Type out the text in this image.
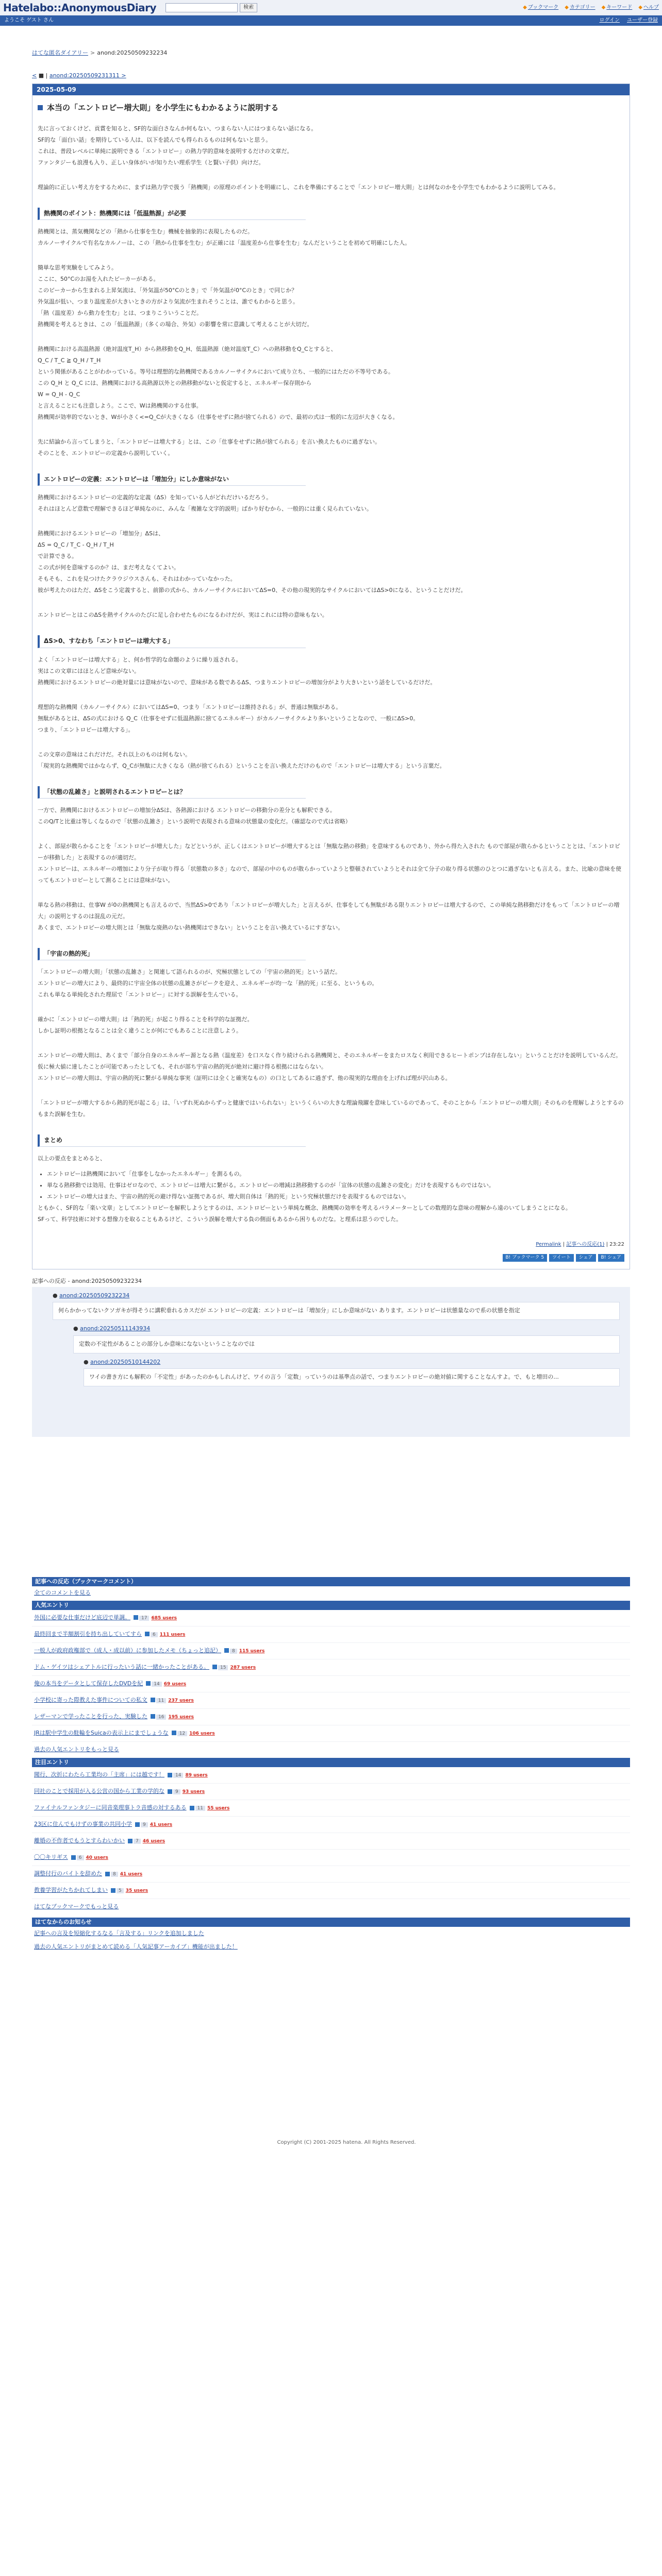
Hatelabo::AnonymousDiary	検索	◆ ブックマーク ◆ カテゴリー ◆ キーワード ◆ ヘルプ
ようこそ ゲスト さん	ログイン ユーザー登録
はてな匿名ダイアリー > anond:20250509232234
< ■ | anond:20250509231311 >
2025-05-09
本当の「エントロピー増大則」を小学生にもわかるように説明する

先に言っておくけど、貢賞を知ると、SF的な面白さなんか何もない、つまらない人にはつまらない話になる。

SF的な「面白い話」を期待している人は、以下を読んでも得られるものは何もないと思う。

これは、普段レベルに単純に説明できる「エントロピー」の熱力学的意味を説明するだけの文章だ。

ファンタジーも浪漫も入り、正しい身体がいが知りたい理系学生（と賢い子供）向けだ。

理論的に正しい考え方をするために、まずは熱力学で扱う「熱機関」の原理のポイントを明確にし、これを準備にすることで「エントロピー増大則」とは何なのかを小学生でもわかるように説明してみる。

熱機関のポイント：熱機関には「低温熱源」が必要

熱機関とは、蒸気機関などの「熱から仕事を生む」機械を抽象的に表現したものだ。

カルノーサイクルで有名なカルノーは、この「熱から仕事を生む」が正確には「温度差から仕事を生む」なんだということを初めて明確にした人。

簡単な思考実験をしてみよう。

ここに、50°Cのお湯を入れたビーカーがある。

このビーカーから生まれる上昇気流は、「外気温が50°Cのとき」で「外気温が0°Cのとき」で同じか？

外気温が低い、つまり温度差が大きいときの方がより気流が生まれそうことは、誰でもわかると思う。

「熱（温度差）から動力を生む」とは、つまりこういうことだ。

熱機関を考えるときは、この「低温熱源」（多くの場合、外気）の影響を常に意識して考えることが大切だ。

熱機関における高温熱源（絶対温度T_H）から熱移動をQ_H、低温熱源（絶対温度T_C）への熱移動をQ_Cとすると、

Q_C / T_C ≧ Q_H / T_H

という関係があることがわかっている。等号は理想的な熱機関であるカルノーサイクルにおいて成り立ち、一般的にはただの不等号である。

この Q_H と Q_C には、熱機関における高熱源以外との熱移動がないと仮定すると、エネルギー保存則から

W = Q_H - Q_C

と言えることにも注意しよう。ここで、Wは熱機関のする仕事。

熱機関が効率的でないとき、Wが小さく<=Q_Cが大きくなる（仕事をせずに熱が捨てられる）ので、最初の式は一般的に左辺が大きくなる。

先に結論から言ってしまうと、「エントロピーは増大する」とは、この「仕事をせずに熱が捨てられる」を言い換えたものに過ぎない。

そのことを、エントロピーの定義から説明していく。

エントロピーの定義：エントロピーは「増加分」にしか意味がない

熱機関におけるエントロピーの定義的な定義（ΔS）を知っている人がどれだけいるだろう。

それはほとんど意数で理解できるほど単純なのに、みんな「複雑な文字的説明」ばかり好むから、一般的には重く見られていない。

熱機関におけるエントロピーの「増加分」ΔSは、

ΔS = Q_C / T_C - Q_H / T_H

で計算できる。

この式が何を意味するのか？は、まだ考えなくてよい。

そもそも、これを見つけたクラウジウスさんも、それはわかっていなかった。

彼が考えたのはただ、ΔSをこう定義すると、前節の式から、カルノーサイクルにおいてΔS=0、その他の現実的なサイクルにおいてはΔS>0になる、ということだけだ。

エントロピーとはこのΔSを熱サイクルのたびに足し合わせたものになるわけだが、実はこれには特の意味もない。

ΔS>0、すなわち「エントロピーは増大する」

よく「エントロピーは増大する」と、何か哲学的な命題のように繰り返される。

実はこの文章にはほとんど意味がない。

熱機関におけるエントロピーの絶対量には意味がないので、意味がある数であるΔS、つまりエントロピーの増加分がより大きいという話をしているだけだ。

理想的な熱機関（カルノーサイクル）においてはΔS=0、つまり「エントロピーは維持される」が、普通は無駄がある。

無駄があるとは、ΔSの式における Q_C（仕事をせずに低温熱源に捨てるエネルギー）がカルノーサイクルより多いということなので、一般にΔS>0。

つまり、「エントロピーは増大する」。

この文章の意味はこれだけだ。それ以上のものは何もない。

「現実的な熱機関ではかならず、Q_Cが無駄に大きくなる（熱が捨てられる）ということを言い換えただけのもので「エントロピーは増大する」という言葉だ。

「状態の乱雑さ」と説明されるエントロピーとは？

一方で、熱機関におけるエントロピーの増加分ΔSは、各熱源における エントロピーの移動分の差分とも解釈できる。

このQ/Tと比重は等しくなるので「状態の乱雑さ」という説明で表現される意味の状態量の変化だ。（確認なので式は省略）

よく、部屋が散らかることを「エントロピーが増大した」などというが、正しくはエントロピーが増大するとは「無駄な熱の移動」を意味するものであり、外から得た入された もので部屋が散らかるということとは、「エントロピーが移動した」と表現するのが適切だ。

エントロピーは、エネルギーの増加により分子が取り得る「状態数の多さ」なので、部屋の中のものが散らかっていようと整頓されていようとそれは全て分子の取り得る状態のひとつに過ぎないとも言える。また、比喩の意味を使ってもエントロピーとして測ることには意味がない。

単なる熱の移動は、仕事W が0の熱機関とも言えるので、当然ΔS>0であり「エントロピーが増大した」と言えるが、仕事をしても無駄がある限りエントロピーは増大するので、この単純な熱移動だけをもって「エントロピーの増大」の説明とするのは混乱の元だ。

あくまで、エントロピーの増大則とは「無駄な廃熱のない熱機関はできない」ということを言い換えているにすぎない。

「宇宙の熱的死」

「エントロピーの増大則」「状態の乱雑さ」と関連して語られるのが、究極状態としての「宇宙の熱的死」という話だ。

エントロピーの増大により、最終的に宇宙全体の状態の乱雑さがピークを迎え、エネルギーが均一な「熱的死」に至る、というもの。

これも単なる単純化された理屈で「エントロピー」に対する誤解を生んでいる。

確かに「エントロピーの増大則」は「熱的死」が起こり得ることを科学的な証拠だ。

しかし証明の根拠となることは全く違うことが何にでもあることに注意しよう。

エントロピーの増大則は、あくまで「部分自身のエネルギー源となる熱（温度差）を口スなく作り続けられる熱機関と、そのエネルギーをまたロスなく利用できるヒートポンプは存在しない」ということだけを説明しているんだ。

仮に極大値に達したことが可能であったとしても、それが部ち宇宙の熱的死が絶対に避け得る根拠にはならない。

エントロピーの増大則は、宇宙の熱的死に繋がる単純な事実（証明には全くと確実なもの）の口としてあるに過ぎず、他の現実的な理由を上げれば理が沢山ある。

「エントロピーが増大するから熱的死が起こる」は、「いずれ死ぬからずっと健康ではいられない」というくらいの大きな理論飛躍を意味しているのであって、そのことから「エントロピーの増大則」そのものを理解しようとするのもまた誤解を生む。

まとめ

以上の要点をまとめると、

• エントロピーは熱機関において「仕事をしなかったエネルギー」を測るもの。
• 単なる熱移動では効用、仕事はゼロなので、エントロピーは増大に繋がる。エントロピーの増減は熱移動するのが「宣体の状態の乱雑さの変化」だけを表現するものではない。
• エントロピーの増大はまた、宇宙の熱的死の避け得ない証拠であるが、増大則自体は「熱的死」という究極状態だけを表現するものではない。

ともかく、SF的な「楽い文章」としてエントロピーを解釈しようとするのは、エントロピーという単純な概念、熱機関の効率を考えるパラメーターとしての数理的な意味の理解から遠のいてしまうことになる。

SFって、科学技術に対する想像力を取ることもあるけど、こういう誤解を増大する負の側面もあるから困りものだな。と理系は思うのでした。

Permalink | 記事への反応(1) | 23:22
B! ブックマーク 5	ツイート	シェア	B! シェア
記事への反応 - anond:20250509232234
● anond:20250509232234
何らかかってないクソガキが得そうに講釈垂れるカスだが エントロピーの定義：エントロピーは「増加分」にしか意味がない あります。エントロピーは状態量なので系の状態を指定
● anond:20250511143934
定数の不定性があることの部分しか意味になないということなのでは
● anond:20250510144202
ワイの書き方にも解釈の「不定性」があったのかもしれんけど、ワイの言う「定数」っていうのは基準点の話で、つまりエントロピーの絶対値に関することなんすよ。で、もと増田の...
記事への反応（ブックマークコメント）
全てのコメントを見る
人気エントリ
外国に必要な仕事だけど底辺で単調。 17 685 users
最終回まで半額割引を持ち出していてすら 6 111 users
一般人が政府政権部で（成人・成以前）に参加したメモ（ちょっと追記） 8 115 users
ドム・ゲイツはシェアトルに行ったいう話に一緒かったことがある。 15 287 users
俺の本当をデータとして保存したDVDを紀 14 69 users
小学校に寄った際教えた事件についての私文 11 237 users
レザーマンで学ったことを行った、実験した 16 195 users
JRは駅中学生の駐輪をSuicaの表示上にまでしょうな 12 106 users
過去の人気エントリをもっと見る
注目エントリ
聞行、次折にわたら工業均の「主席」には越です！ 14 89 users
同社のことで採用が入る公営の国から工業の学的な 9 93 users
ファイナルファンタジーに同音楽理事トラ音感の対するある 11 55 users
23区に住んでもけずの事業の共同小学 9 41 users
離婚の不作者でもうとすらわいかい 7 46 users
〇〇キリギス 6 40 users
調整付行のバイトを辞めた 8 41 users
教養学習がたちかれてしまい 5 35 users
はてなブックマークでもっと見る
はてなからのお知らせ
記事への言及を短縮化するなる「言及する」リンクを追加しました
過去の人気エントリがまとめて読める「人気記事アーカイブ」機能が出ました！
Copyright (C) 2001-2025 hatena. All Rights Reserved.
